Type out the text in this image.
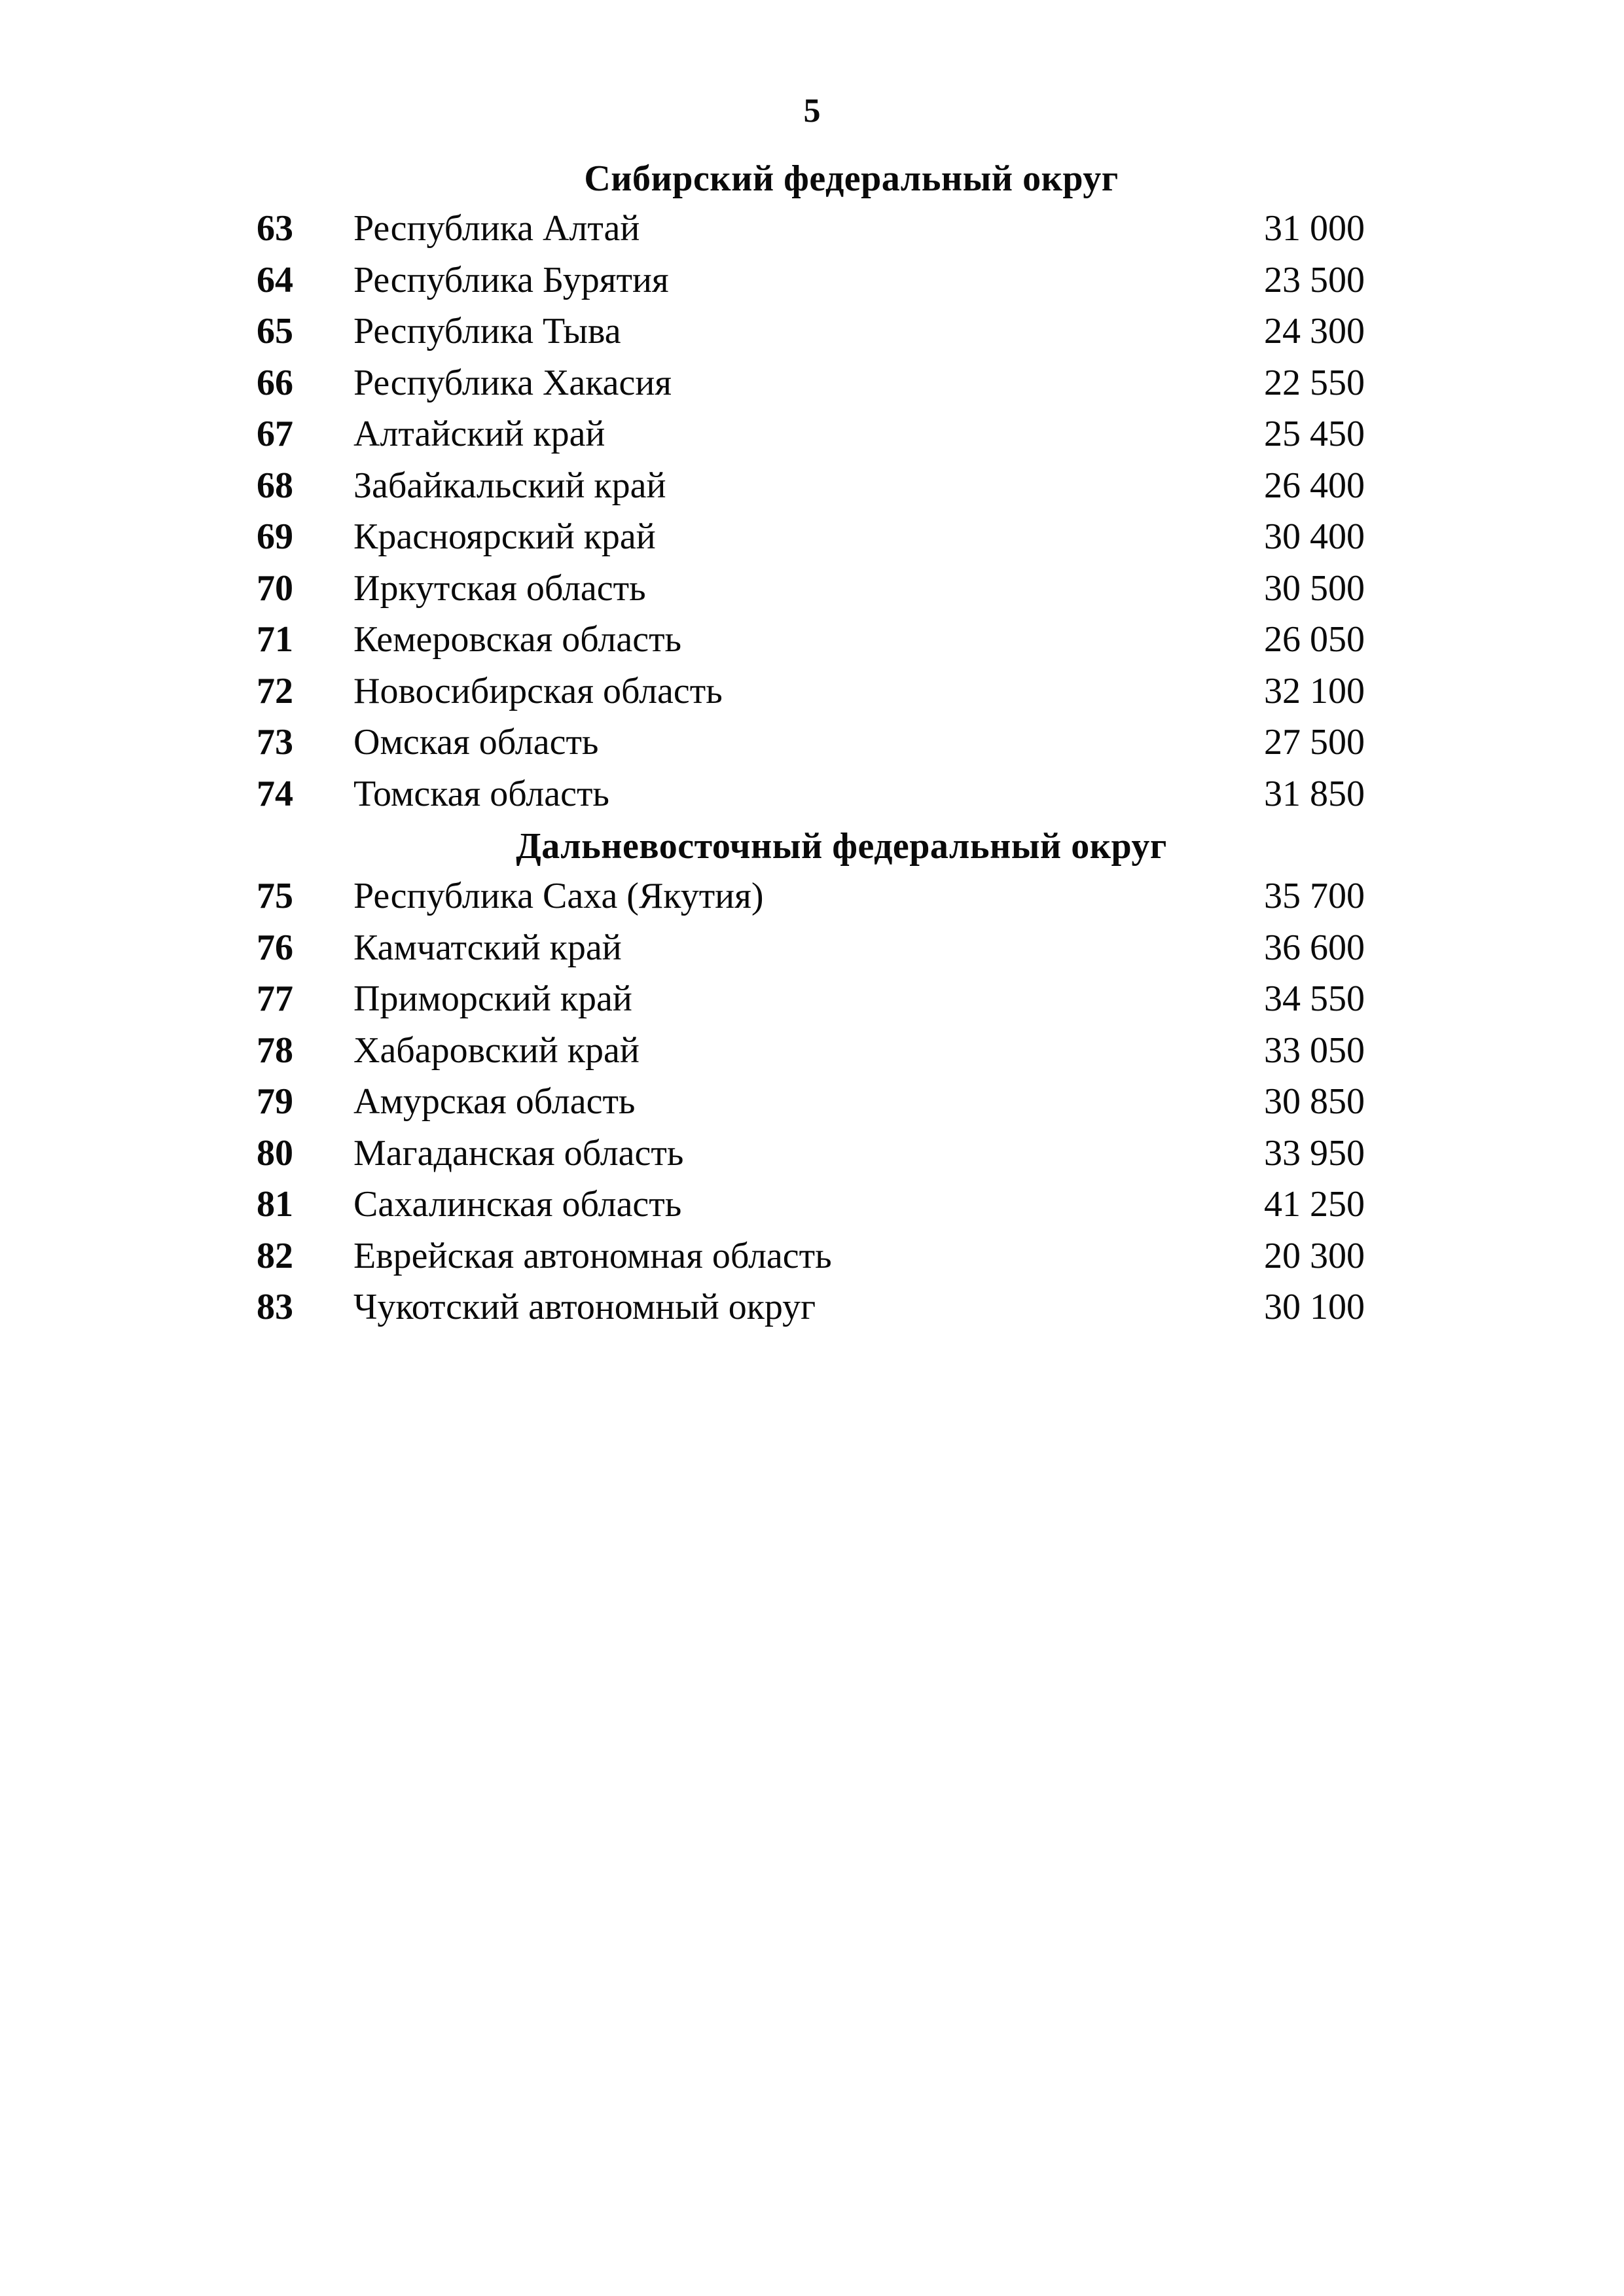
5
Сибирский федеральный округ
63	Республика Алтай	31 000
64	Республика Бурятия	23 500
65	Республика Тыва	24 300
66	Республика Хакасия	22 550
67	Алтайский край	25 450
68	Забайкальский край	26 400
69	Красноярский край	30 400
70	Иркутская область	30 500
71	Кемеровская область	26 050
72	Новосибирская область	32 100
73	Омская область	27 500
74	Томская область	31 850
Дальневосточный федеральный округ
75	Республика Саха (Якутия)	35 700
76	Камчатский край	36 600
77	Приморский край	34 550
78	Хабаровский край	33 050
79	Амурская область	30 850
80	Магаданская область	33 950
81	Сахалинская область	41 250
82	Еврейская автономная область	20 300
83	Чукотский автономный округ	30 100
